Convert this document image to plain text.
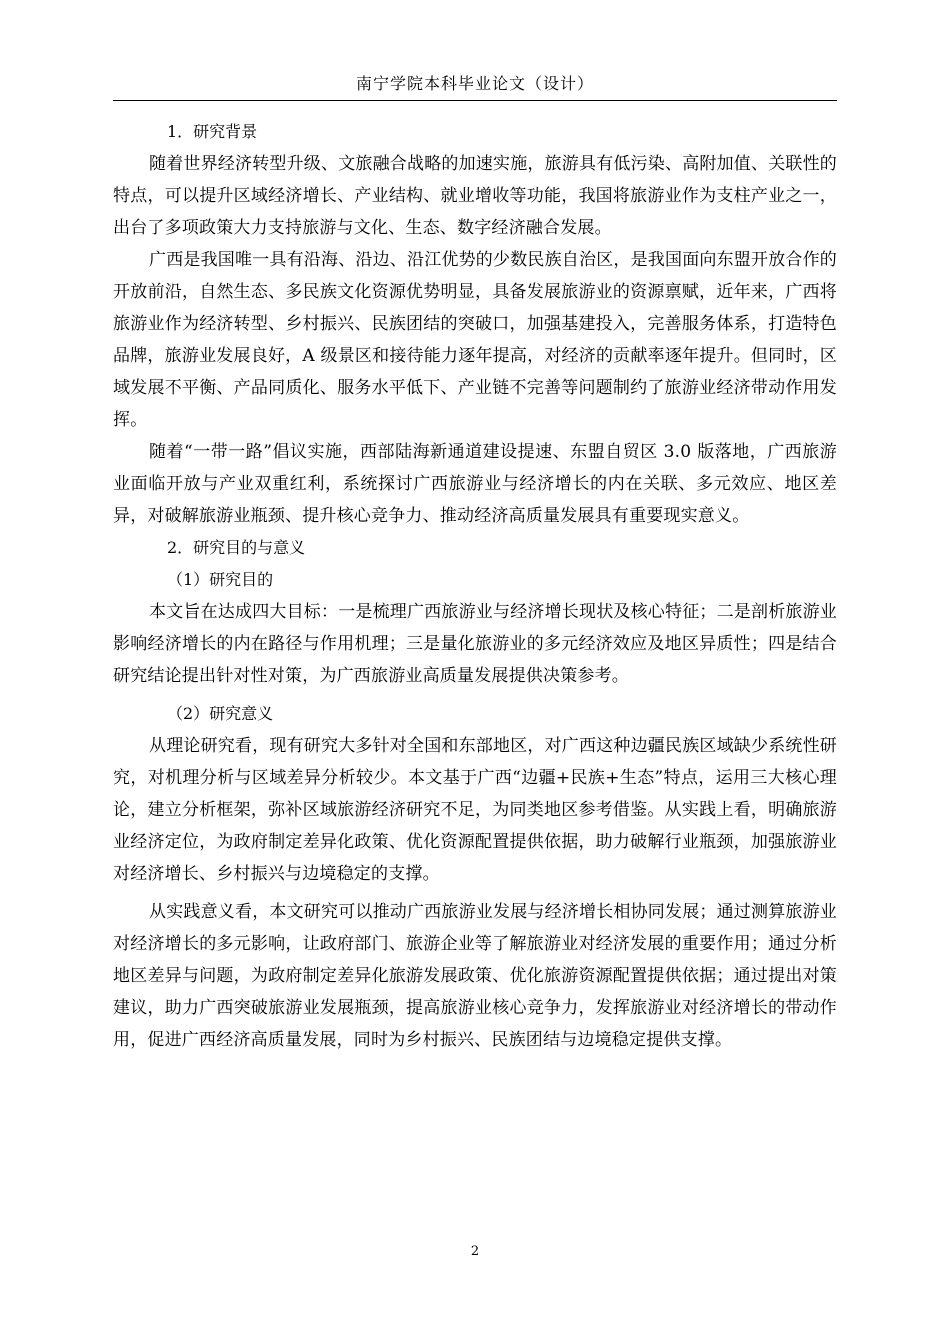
南宁学院本科毕业论文（设计）
1．研究背景

随着世界经济转型升级、文旅融合战略的加速实施，旅游具有低污染、高附加值、关联性的特点，可以提升区域经济增长、产业结构、就业增收等功能，我国将旅游业作为支柱产业之一，出台了多项政策大力支持旅游与文化、生态、数字经济融合发展。

广西是我国唯一具有沿海、沿边、沿江优势的少数民族自治区，是我国面向东盟开放合作的开放前沿，自然生态、多民族文化资源优势明显，具备发展旅游业的资源禀赋，近年来，广西将旅游业作为经济转型、乡村振兴、民族团结的突破口，加强基建投入，完善服务体系，打造特色品牌，旅游业发展良好，A 级景区和接待能力逐年提高，对经济的贡献率逐年提升。但同时，区域发展不平衡、产品同质化、服务水平低下、产业链不完善等问题制约了旅游业经济带动作用发挥。

随着“一带一路”倡议实施，西部陆海新通道建设提速、东盟自贸区 3.0 版落地，广西旅游业面临开放与产业双重红利，系统探讨广西旅游业与经济增长的内在关联、多元效应、地区差异，对破解旅游业瓶颈、提升核心竞争力、推动经济高质量发展具有重要现实意义。

2．研究目的与意义
（1）研究目的

本文旨在达成四大目标：一是梳理广西旅游业与经济增长现状及核心特征；二是剖析旅游业影响经济增长的内在路径与作用机理；三是量化旅游业的多元经济效应及地区异质性；四是结合研究结论提出针对性对策，为广西旅游业高质量发展提供决策参考。

（2）研究意义

从理论研究看，现有研究大多针对全国和东部地区，对广西这种边疆民族区域缺少系统性研究，对机理分析与区域差异分析较少。本文基于广西“边疆+民族+生态”特点，运用三大核心理论，建立分析框架，弥补区域旅游经济研究不足，为同类地区参考借鉴。从实践上看，明确旅游业经济定位，为政府制定差异化政策、优化资源配置提供依据，助力破解行业瓶颈，加强旅游业对经济增长、乡村振兴与边境稳定的支撑。

从实践意义看，本文研究可以推动广西旅游业发展与经济增长相协同发展；通过测算旅游业对经济增长的多元影响，让政府部门、旅游企业等了解旅游业对经济发展的重要作用；通过分析地区差异与问题，为政府制定差异化旅游发展政策、优化旅游资源配置提供依据；通过提出对策建议，助力广西突破旅游业发展瓶颈，提高旅游业核心竞争力，发挥旅游业对经济增长的带动作用，促进广西经济高质量发展，同时为乡村振兴、民族团结与边境稳定提供支撑。

2
